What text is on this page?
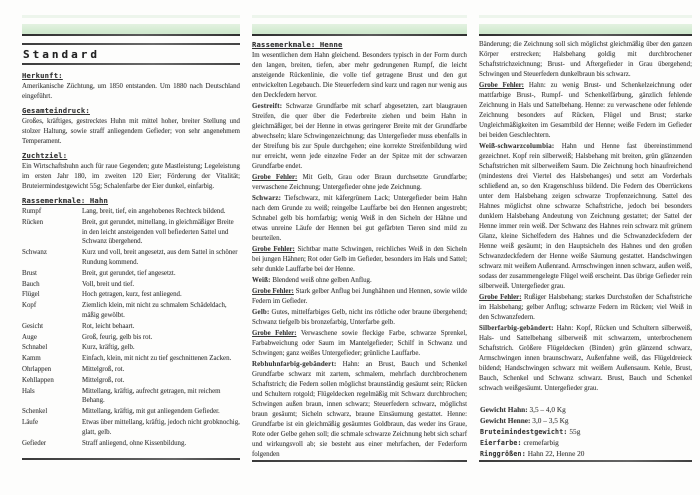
Standard
Herkunft:

Amerikanische Züchtung, um 1850 entstanden. Um 1880 nach Deutschland eingeführt.

Gesamteindruck:

Großes, kräftiges, gestrecktes Huhn mit mittel hoher, breiter Stellung und stolzer Haltung, sowie straff anliegendem Gefieder; von sehr angenehmem Temperament.

Zuchtziel:

Ein Wirtschaftshuhn auch für raue Gegenden; gute Mastleistung; Legeleistung im ersten Jahr 180, im zweiten 120 Eier; Förderung der Vitalität; Bruteiermindestgewicht 55g; Schalenfarbe der Eier dunkel, einfarbig.

Rassemerkmale: Hahn
Rumpf	Lang, breit, tief, ein angehobenes Rechteck bildend.
Rücken	Breit, gut gerundet, mittellang, in gleichmäßiger Breite in den leicht ansteigenden voll befiederten Sattel und Schwanz übergehend.
Schwanz	Kurz und voll, breit angesetzt, aus dem Sattel in schöner Rundung kommend.
Brust	Breit, gut gerundet, tief angesetzt.
Bauch	Voll, breit und tief.
Flügel	Hoch getragen, kurz, fest anliegend.
Kopf	Ziemlich klein, mit nicht zu schmalem Schädeldach, mäßig gewölbt.
Gesicht	Rot, leicht behaart.
Auge	Groß, feurig, gelb bis rot.
Schnabel	Kurz, kräftig, gelb.
Kamm	Einfach, klein, mit nicht zu tief geschnittenen Zacken.
Ohrlappen	Mittelgroß, rot.
Kehllappen	Mittelgroß, rot.
Hals	Mittellang, kräftig, aufrecht getragen, mit reichem Behang.
Schenkel	Mittellang, kräftig, mit gut anliegendem Gefieder.
Läufe	Etwas über mittellang, kräftig, jedoch nicht grobknochig, glatt, gelb.
Gefieder	Straff anliegend, ohne Kissenbildung.
Rassemerkmale: Henne

Im wesentlichen dem Hahn gleichend. Besonders typisch in der Form durch den langen, breiten, tiefen, aber mehr gedrungenen Rumpf, die leicht ansteigende Rückenlinie, die volle tief getragene Brust und den gut entwickelten Legebauch. Die Steuerfedern sind kurz und ragen nur wenig aus den Deckfedern hervor.

Gestreift: Schwarze Grundfarbe mit scharf abgesetzten, zart blaugrauen Streifen, die quer über die Federbreite ziehen und beim Hahn in gleichmäßiger, bei der Henne in etwas geringerer Breite mit der Grundfarbe abwechseln; klare Schwingenzeichnung; das Untergefieder muss ebenfalls in der Streifung bis zur Spule durchgehen; eine korrekte Streifenbildung wird nur erreicht, wenn jede einzelne Feder an der Spitze mit der schwarzen Grundfarbe endet.

Grobe Fehler: Mit Gelb, Grau oder Braun durchsetzte Grundfarbe; verwaschene Zeichnung; Untergefieder ohne jede Zeichnung.

Schwarz: Tiefschwarz, mit käfergrünem Lack; Untergefieder beim Hahn nach dem Grunde zu weiß; reingelbe Lauffarbe bei den Hennen angestrebt; Schnabel gelb bis hornfarbig; wenig Weiß in den Sicheln der Hähne und etwas unreine Läufe der Hennen bei gut gefärbten Tieren sind mild zu beurteilen.

Grobe Fehler: Sichtbar matte Schwingen, reichliches Weiß in den Sicheln bei jungen Hähnen; Rot oder Gelb im Gefieder, besonders im Hals und Sattel; sehr dunkle Lauffarbe bei der Henne.

Weiß: Blendend weiß ohne gelben Anflug.

Grobe Fehler: Stark gelber Anflug bei Junghähnen und Hennen, sowie wilde Federn im Gefieder.

Gelb: Gutes, mittelfarbiges Gelb, nicht ins rötliche oder braune übergehend; Schwanz tiefgelb bis bronzefarbig, Unterfarbe gelb.

Grobe Fehler: Verwaschene sowie fleckige Farbe, schwarze Sprenkel, Farbabweichung oder Saum im Mantelgefieder; Schilf in Schwanz und Schwingen; ganz weißes Untergefieder; grünliche Lauffarbe.

Rebhuhnfarbig-gebändert: Hahn: an Brust, Bauch und Schenkel Grundfarbe schwarz mit zartem, schmalem, mehrfach durchbrochenem Schaftstrich; die Federn sollen möglichst braunständig gesäumt sein; Rücken und Schultern rotgold; Flügeldecken regelmäßig mit Schwarz durchbrochen; Schwingen außen braun, innen schwarz; Steuerfedern schwarz, möglichst braun gesäumt; Sicheln schwarz, braune Einsäumung gestattet. Henne: Grundfarbe ist ein gleichmäßig gesäumtes Goldbraun, das weder ins Graue, Rote oder Gelbe gehen soll; die schmale schwarze Zeichnung hebt sich scharf und wirkungsvoll ab; sie besteht aus einer mehrfachen, der Federform folgenden

Bänderung; die Zeichnung soll sich möglichst gleichmäßig über den ganzen Körper erstrecken; Halsbehang goldig mit durchbrochener Schaftstrichzeichnung; Brust- und Aftergefieder in Grau übergehend; Schwingen und Steuerfedern dunkelbraun bis schwarz.

Grobe Fehler: Hahn: zu wenig Brust- und Schenkelzeichnung oder mattfarbige Brust-, Rumpf- und Schenkelfärbung, gänzlich fehlende Zeichnung in Hals und Sattelbehang. Henne: zu verwaschene oder fehlende Zeichnung besonders auf Rücken, Flügel und Brust; starke Ungleichmäßigkeiten im Gesamtbild der Henne; weiße Federn im Gefieder bei beiden Geschlechtern.

Weiß-schwarzcolumbia: Hahn und Henne fast übereinstimmend gezeichnet. Kopf rein silberweiß; Halsbehang mit breiten, grün glänzenden Schaftstrichen mit silberweißem Saum. Die Zeichnung hoch hinaufreichend (mindestens drei Viertel des Halsbehanges) und setzt am Vorderhals schließend an, so den Kragenschluss bildend. Die Federn des Oberrückens unter dem Halsbehang zeigen schwarze Tropfenzeichnung. Sattel des Hahnes möglichst ohne schwarze Schaftstriche, jedoch bei besonders dunklem Halsbehang Andeutung von Zeichnung gestattet; der Sattel der Henne immer rein weiß. Der Schwanz des Hahnes rein schwarz mit grünem Glanz, kleine Sichelfedern des Hahnes und die Schwanzdeckfedern der Henne weiß gesäumt; in den Hauptsicheln des Hahnes und den großen Schwanzdeckfedern der Henne weiße Säumung gestattet. Handschwingen schwarz mit weißem Außenrand. Armschwingen innen schwarz, außen weiß, sodass der zusammengelegte Flügel weiß erscheint. Das übrige Gefieder rein silberweiß. Untergefieder grau.

Grobe Fehler: Rußiger Halsbehang; starkes Durchstoßen der Schaftstriche im Halsbehang; gelber Anflug; schwarze Federn im Rücken; viel Weiß in den Schwanzfedern.

Silberfarbig-gebändert: Hahn: Kopf, Rücken und Schultern silberweiß, Hals- und Sattelbehang silberweiß mit schwarzem, unterbrochenem Schaftstrich. Größere Flügeldecken (Binden) grün glänzend schwarz, Armschwingen innen braunschwarz, Außenfahne weiß, das Flügeldreieck bildend; Handschwingen schwarz mit weißem Außensaum. Kehle, Brust, Bauch, Schenkel und Schwanz schwarz. Brust, Bauch und Schenkel schwach weißgesäumt. Untergefieder grau.

Gewicht Hahn: 3,5 – 4,0 Kg

Gewicht Henne: 3,0 – 3,5 Kg

Bruteimindestgewicht: 55g

Eierfarbe: cremefarbig

Ringgrößen: Hahn 22, Henne 20
